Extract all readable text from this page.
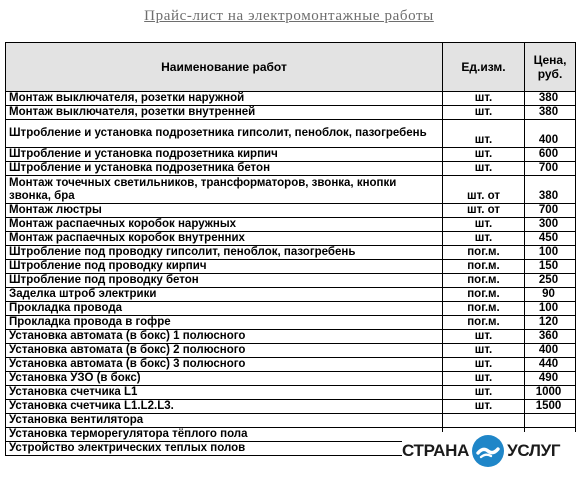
Прайс-лист на электромонтажные работы
Наименование работ	Ед.изм.	Цена, руб.
Монтаж выключателя, розетки наружной	шт.	380
Монтаж выключателя, розетки внутренней	шт.	380
Штробление и установка подрозетника гипсолит, пеноблок, пазогребень	шт.	400
Штробление и установка подрозетника кирпич	шт.	600
Штробление и установка подрозетника бетон	шт.	700
Монтаж точечных светильников, трансформаторов, звонка, кнопки звонка, бра	шт. от	380
Монтаж люстры	шт. от	700
Монтаж распаечных коробок наружных	шт.	300
Монтаж распаечных коробок внутренних	шт.	450
Штробление под проводку гипсолит, пеноблок, пазогребень	пог.м.	100
Штробление под проводку кирпич	пог.м.	150
Штробление под проводку бетон	пог.м.	250
Заделка штроб электрики	пог.м.	90
Прокладка провода	пог.м.	100
Прокладка провода в гофре	пог.м.	120
Установка автомата (в бокс) 1 полюсного	шт.	360
Установка автомата (в бокс) 2 полюсного	шт.	400
Установка автомата (в бокс) 3 полюсного	шт.	440
Установка УЗО (в бокс)	шт.	490
Установка счетчика L1	шт.	1000
Установка счетчика L1.L2.L3.	шт.	1500
Установка вентилятора		
Установка терморегулятора тёплого пола		
Устройство электрических теплых полов			СТРАНА УСЛУГ
